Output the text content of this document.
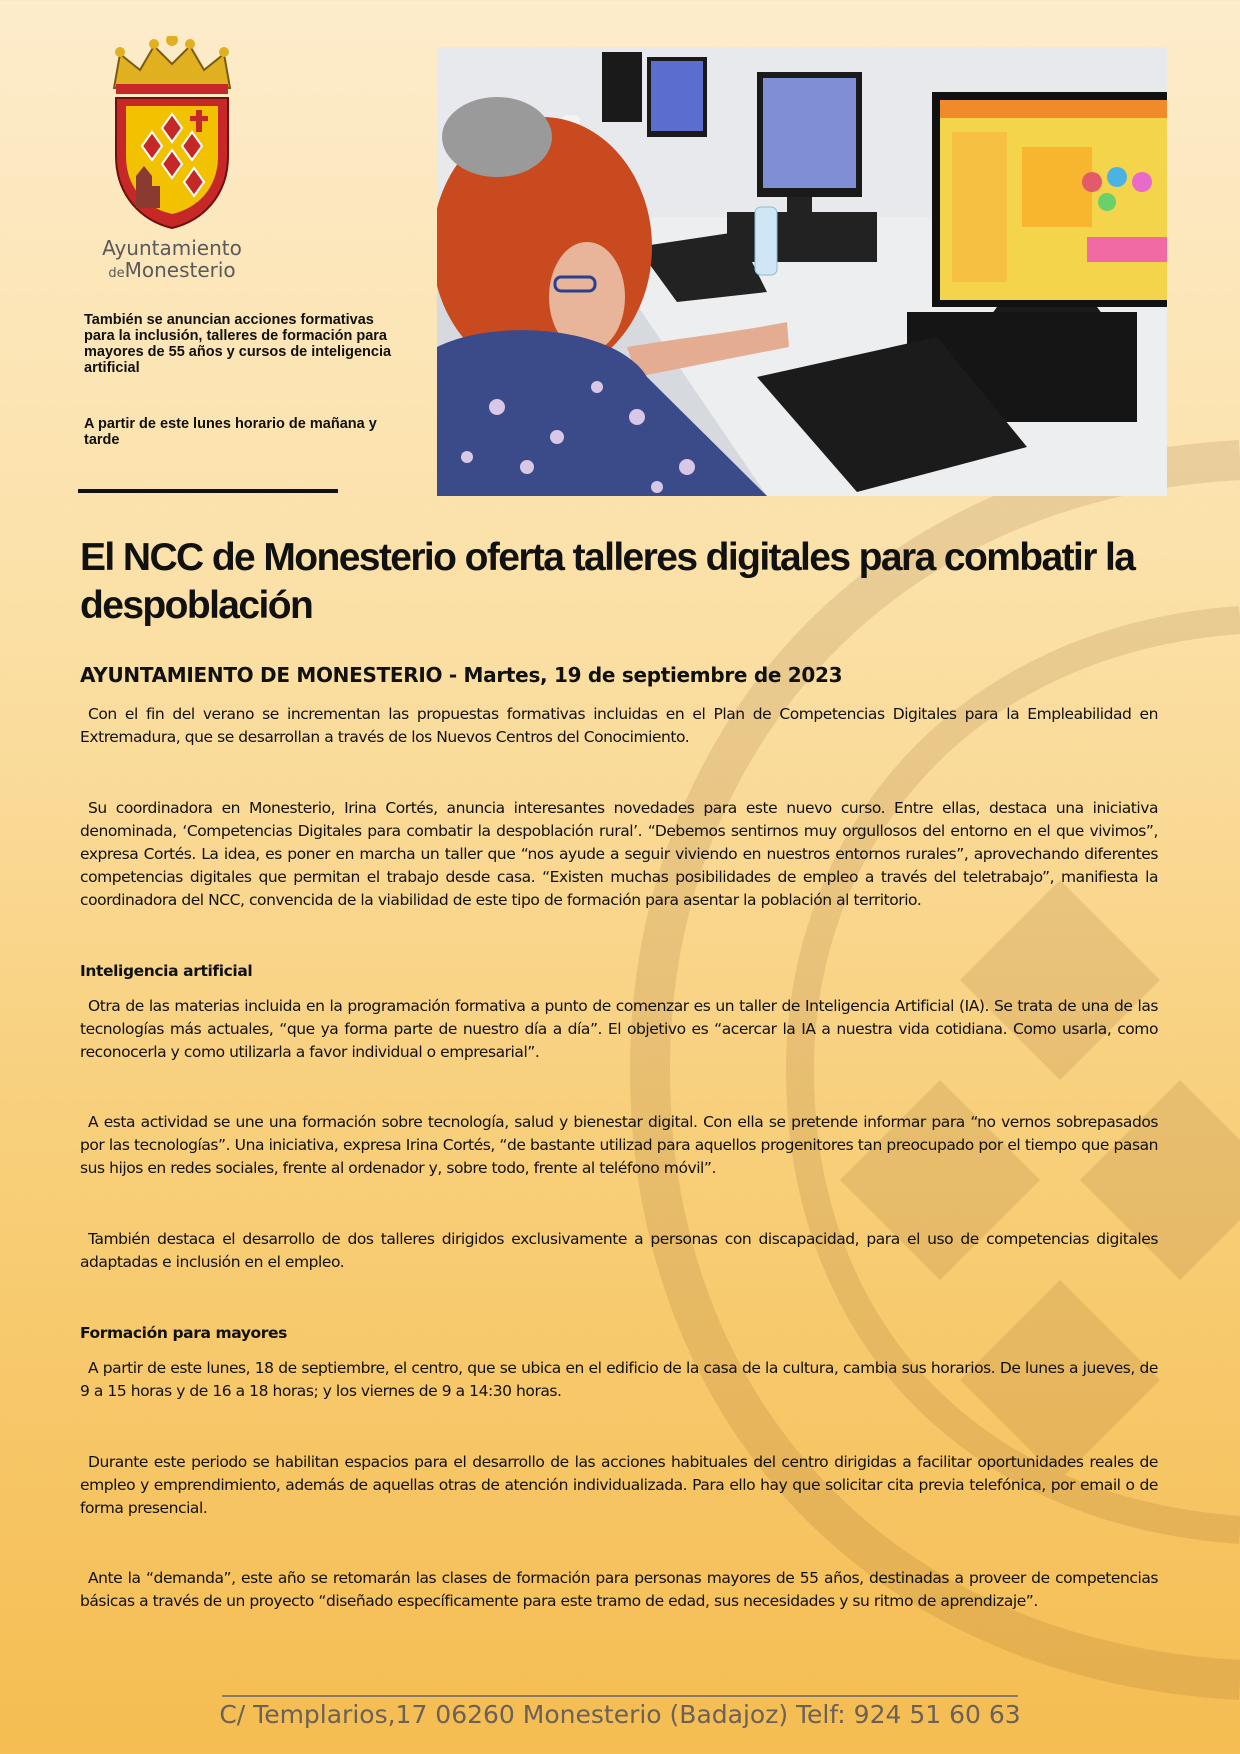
Ayuntamiento
deMonesterio
También se anuncian acciones formativas para la inclusión, talleres de formación para mayores de 55 años y cursos de inteligencia artificial
A partir de este lunes horario de mañana y tarde
El NCC de Monesterio oferta talleres digitales para combatir la despoblación
AYUNTAMIENTO DE MONESTERIO - Martes, 19 de septiembre de 2023

Con el fin del verano se incrementan las propuestas formativas incluidas en el Plan de Competencias Digitales para la Empleabilidad en Extremadura, que se desarrollan a través de los Nuevos Centros del Conocimiento.

Su coordinadora en Monesterio, Irina Cortés, anuncia interesantes novedades para este nuevo curso. Entre ellas, destaca una iniciativa denominada, ‘Competencias Digitales para combatir la despoblación rural’. “Debemos sentirnos muy orgullosos del entorno en el que vivimos”, expresa Cortés. La idea, es poner en marcha un taller que “nos ayude a seguir viviendo en nuestros entornos rurales”, aprovechando diferentes competencias digitales que permitan el trabajo desde casa. “Existen muchas posibilidades de empleo a través del teletrabajo”, manifiesta la coordinadora del NCC, convencida de la viabilidad de este tipo de formación para asentar la población al territorio.

Inteligencia artificial

Otra de las materias incluida en la programación formativa a punto de comenzar es un taller de Inteligencia Artificial (IA). Se trata de una de las tecnologías más actuales, “que ya forma parte de nuestro día a día”. El objetivo es “acercar la IA a nuestra vida cotidiana. Como usarla, como reconocerla y como utilizarla a favor individual o empresarial”.

A esta actividad se une una formación sobre tecnología, salud y bienestar digital. Con ella se pretende informar para “no vernos sobrepasados por las tecnologías”. Una iniciativa, expresa Irina Cortés, “de bastante utilizad para aquellos progenitores tan preocupado por el tiempo que pasan sus hijos en redes sociales, frente al ordenador y, sobre todo, frente al teléfono móvil”.

También destaca el desarrollo de dos talleres dirigidos exclusivamente a personas con discapacidad, para el uso de competencias digitales adaptadas e inclusión en el empleo.

Formación para mayores

A partir de este lunes, 18 de septiembre, el centro, que se ubica en el edificio de la casa de la cultura, cambia sus horarios. De lunes a jueves, de 9 a 15 horas y de 16 a 18 horas; y los viernes de 9 a 14:30 horas.

Durante este periodo se habilitan espacios para el desarrollo de las acciones habituales del centro dirigidas a facilitar oportunidades reales de empleo y emprendimiento, además de aquellas otras de atención individualizada. Para ello hay que solicitar cita previa telefónica, por email o de forma presencial.

Ante la “demanda”, este año se retomarán las clases de formación para personas mayores de 55 años, destinadas a proveer de competencias básicas a través de un proyecto “diseñado específicamente para este tramo de edad, sus necesidades y su ritmo de aprendizaje”.

C/ Templarios,17 06260 Monesterio (Badajoz) Telf: 924 51 60 63
